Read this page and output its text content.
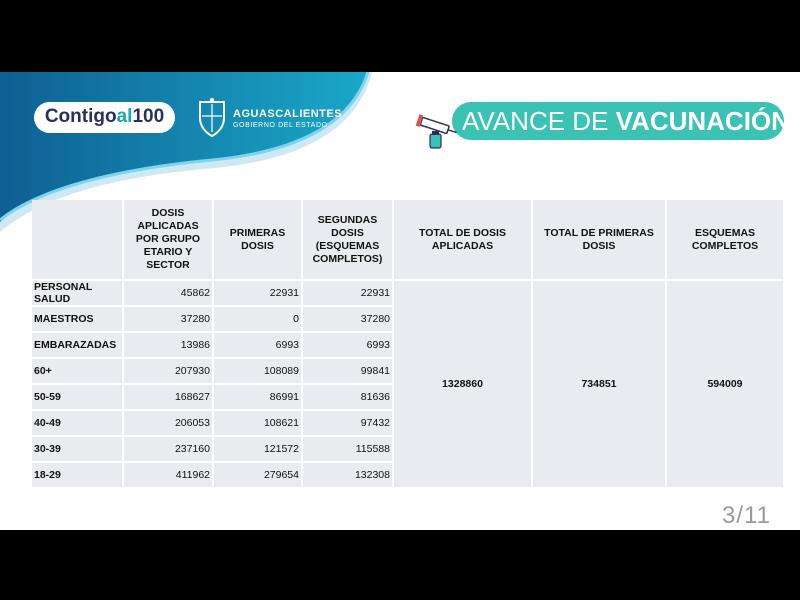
Contigoal100	AGUASCALIENTES
GOBIERNO DEL ESTADO	AVANCE DE VACUNACIÓN
	DOSIS APLICADAS POR GRUPO ETARIO Y SECTOR	PRIMERAS DOSIS	SEGUNDAS DOSIS (ESQUEMAS COMPLETOS)	TOTAL DE DOSIS APLICADAS	TOTAL DE PRIMERAS DOSIS	ESQUEMAS COMPLETOS
PERSONAL SALUD	45862	22931	22931	1328860	734851	594009
MAESTROS	37280	0	37280			
EMBARAZADAS	13986	6993	6993			
60+	207930	108089	99841			
50-59	168627	86991	81636			
40-49	206053	108621	97432			
30-39	237160	121572	115588			
18-29	411962	279654	132308			
3/11
